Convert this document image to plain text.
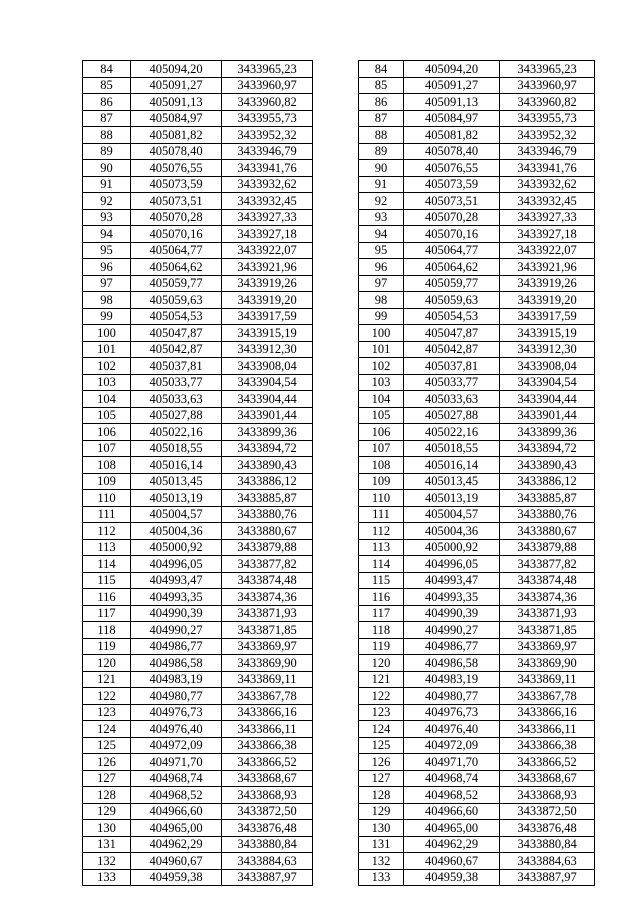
84	405094,20	3433965,23		84	405094,20	3433965,23
85	405091,27	3433960,97		85	405091,27	3433960,97
86	405091,13	3433960,82		86	405091,13	3433960,82
87	405084,97	3433955,73		87	405084,97	3433955,73
88	405081,82	3433952,32		88	405081,82	3433952,32
89	405078,40	3433946,79		89	405078,40	3433946,79
90	405076,55	3433941,76		90	405076,55	3433941,76
91	405073,59	3433932,62		91	405073,59	3433932,62
92	405073,51	3433932,45		92	405073,51	3433932,45
93	405070,28	3433927,33		93	405070,28	3433927,33
94	405070,16	3433927,18		94	405070,16	3433927,18
95	405064,77	3433922,07		95	405064,77	3433922,07
96	405064,62	3433921,96		96	405064,62	3433921,96
97	405059,77	3433919,26		97	405059,77	3433919,26
98	405059,63	3433919,20		98	405059,63	3433919,20
99	405054,53	3433917,59		99	405054,53	3433917,59
100	405047,87	3433915,19		100	405047,87	3433915,19
101	405042,87	3433912,30		101	405042,87	3433912,30
102	405037,81	3433908,04		102	405037,81	3433908,04
103	405033,77	3433904,54		103	405033,77	3433904,54
104	405033,63	3433904,44		104	405033,63	3433904,44
105	405027,88	3433901,44		105	405027,88	3433901,44
106	405022,16	3433899,36		106	405022,16	3433899,36
107	405018,55	3433894,72		107	405018,55	3433894,72
108	405016,14	3433890,43		108	405016,14	3433890,43
109	405013,45	3433886,12		109	405013,45	3433886,12
110	405013,19	3433885,87		110	405013,19	3433885,87
111	405004,57	3433880,76		111	405004,57	3433880,76
112	405004,36	3433880,67		112	405004,36	3433880,67
113	405000,92	3433879,88		113	405000,92	3433879,88
114	404996,05	3433877,82		114	404996,05	3433877,82
115	404993,47	3433874,48		115	404993,47	3433874,48
116	404993,35	3433874,36		116	404993,35	3433874,36
117	404990,39	3433871,93		117	404990,39	3433871,93
118	404990,27	3433871,85		118	404990,27	3433871,85
119	404986,77	3433869,97		119	404986,77	3433869,97
120	404986,58	3433869,90		120	404986,58	3433869,90
121	404983,19	3433869,11		121	404983,19	3433869,11
122	404980,77	3433867,78		122	404980,77	3433867,78
123	404976,73	3433866,16		123	404976,73	3433866,16
124	404976,40	3433866,11		124	404976,40	3433866,11
125	404972,09	3433866,38		125	404972,09	3433866,38
126	404971,70	3433866,52		126	404971,70	3433866,52
127	404968,74	3433868,67		127	404968,74	3433868,67
128	404968,52	3433868,93		128	404968,52	3433868,93
129	404966,60	3433872,50		129	404966,60	3433872,50
130	404965,00	3433876,48		130	404965,00	3433876,48
131	404962,29	3433880,84		131	404962,29	3433880,84
132	404960,67	3433884,63		132	404960,67	3433884,63
133	404959,38	3433887,97		133	404959,38	3433887,97
